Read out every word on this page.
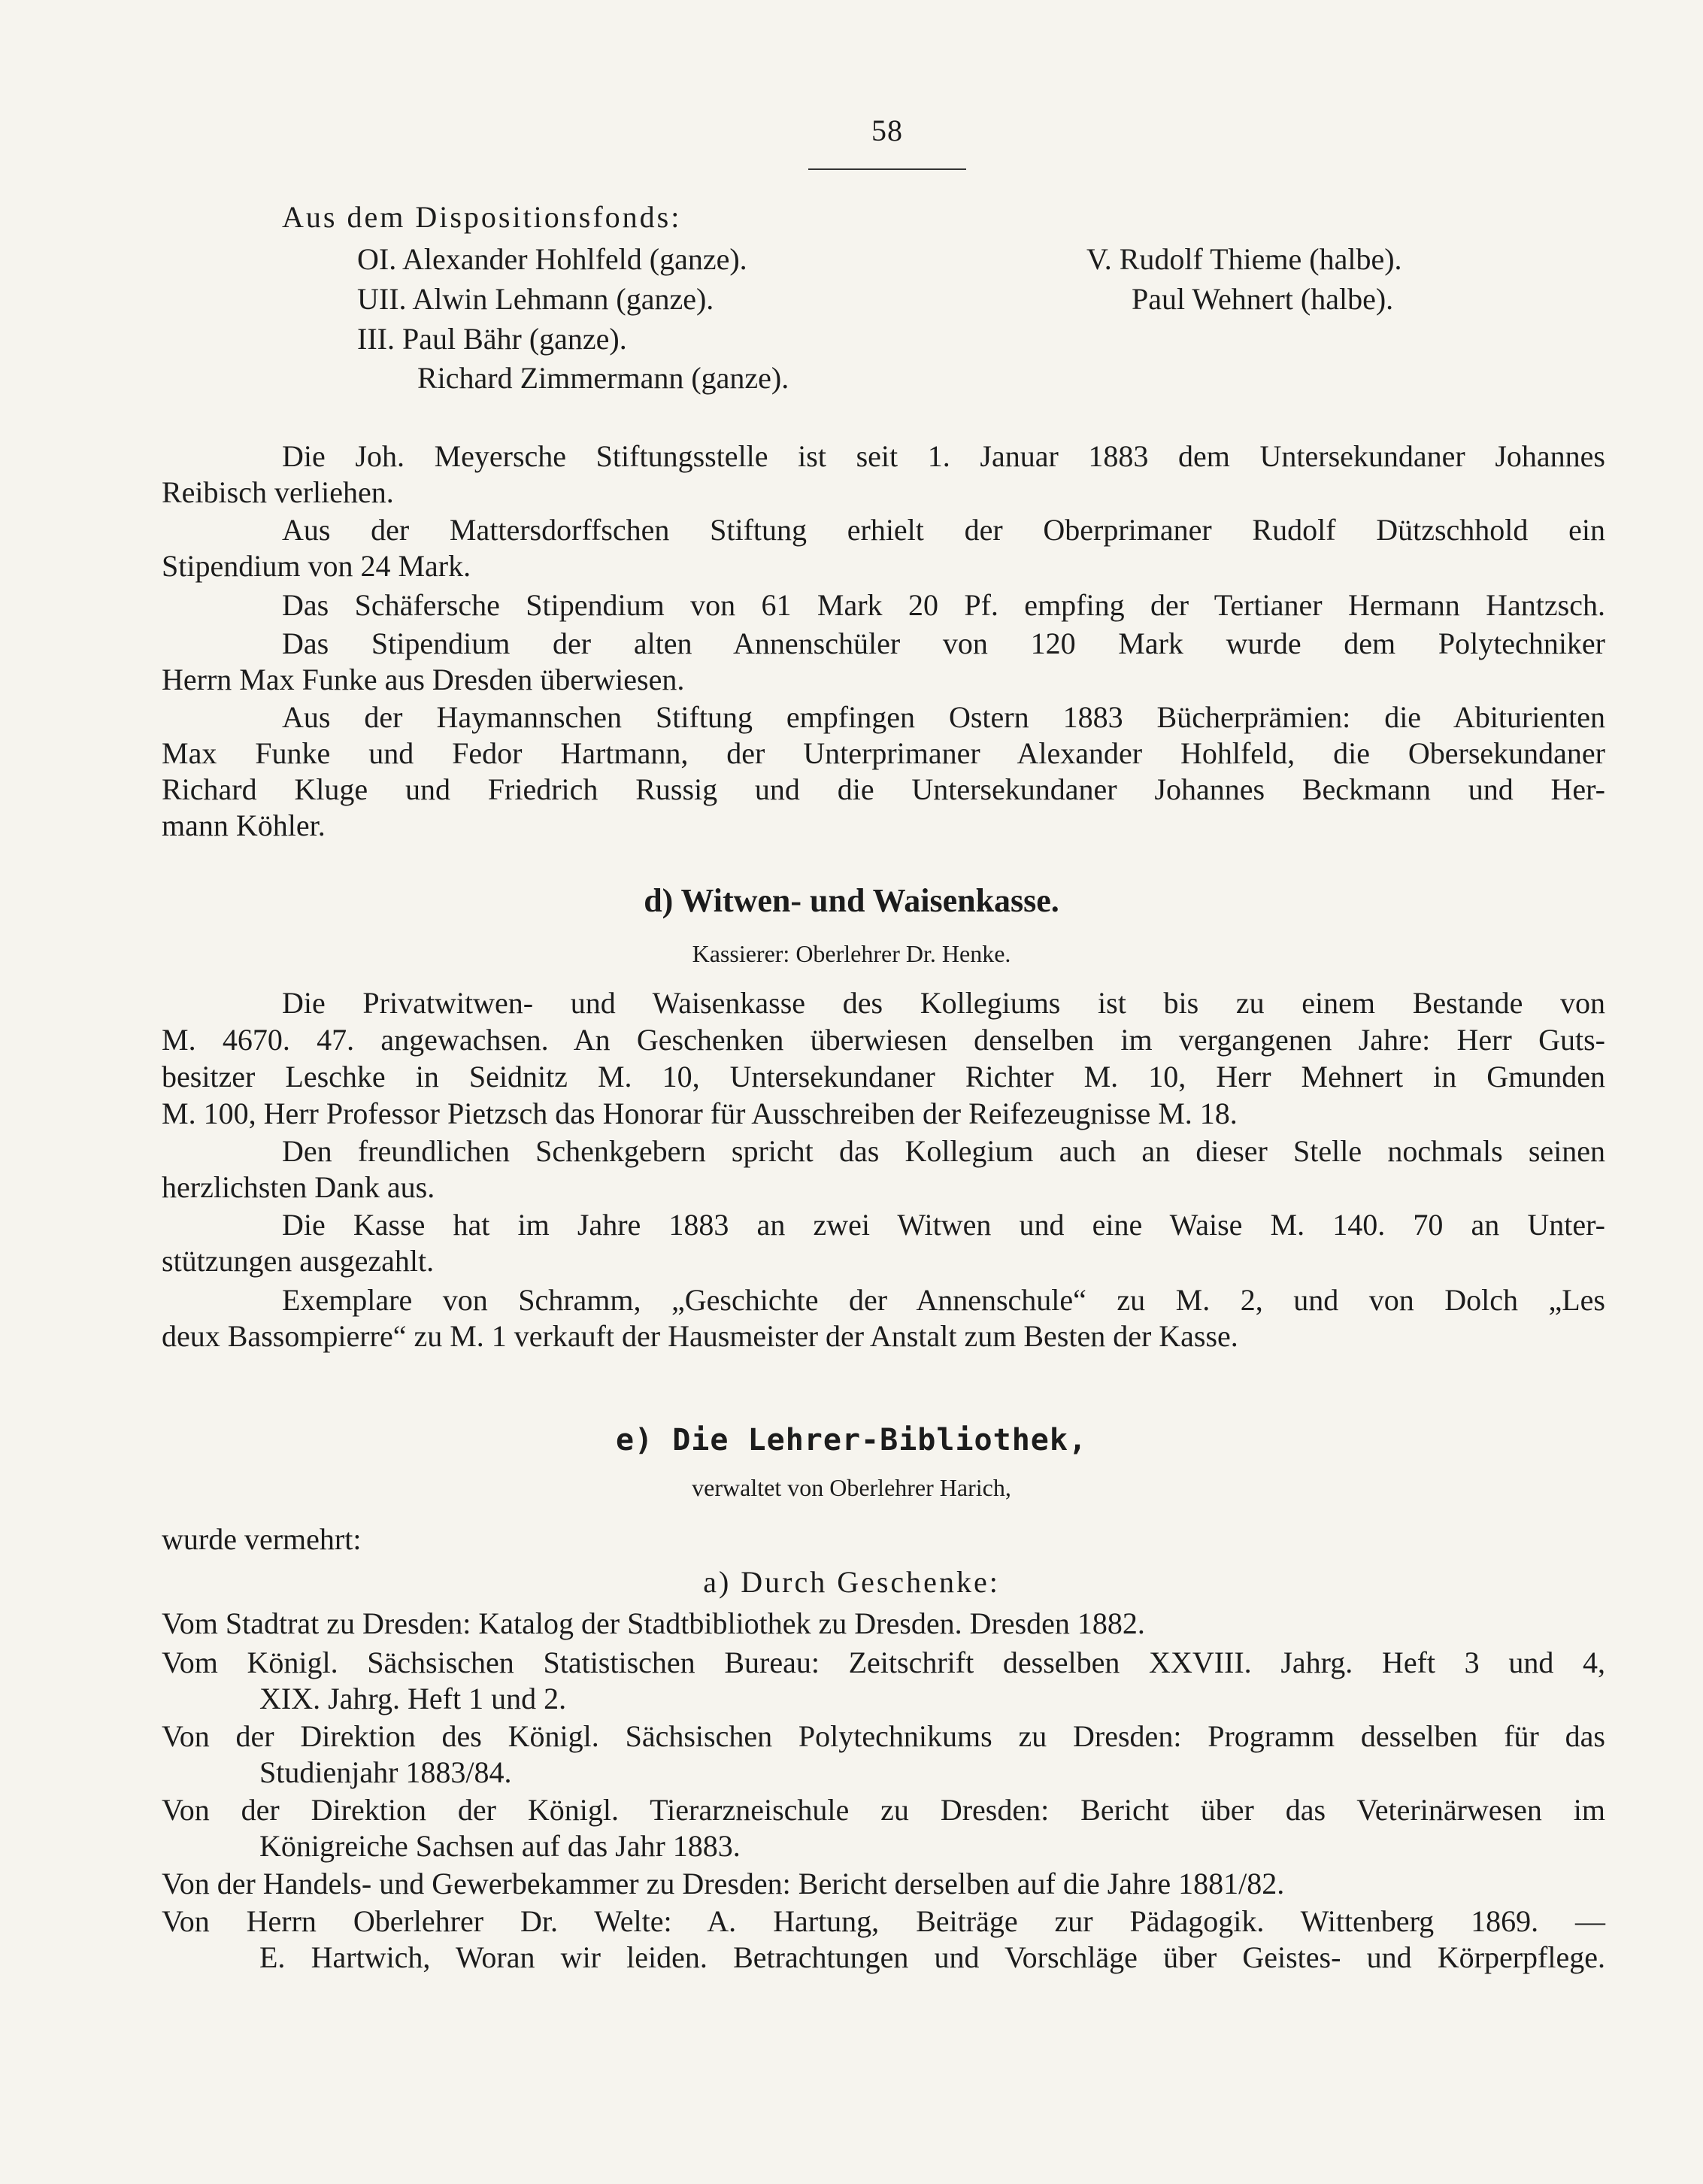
58
Aus dem Dispositionsfonds:
OI. Alexander Hohlfeld (ganze).
UII. Alwin Lehmann (ganze).
III. Paul Bähr (ganze).
Richard Zimmermann (ganze).
V. Rudolf Thieme (halbe).
Paul Wehnert (halbe).
Die Joh. Meyersche Stiftungsstelle ist seit 1. Januar 1883 dem Untersekundaner Johannes
Reibisch verliehen.
Aus der Mattersdorffschen Stiftung erhielt der Oberprimaner Rudolf Dützschhold ein
Stipendium von 24 Mark.
Das Schäfersche Stipendium von 61 Mark 20 Pf. empfing der Tertianer Hermann Hantzsch.
Das Stipendium der alten Annenschüler von 120 Mark wurde dem Polytechniker
Herrn Max Funke aus Dresden überwiesen.
Aus der Haymannschen Stiftung empfingen Ostern 1883 Bücherprämien: die Abiturienten
Max Funke und Fedor Hartmann, der Unterprimaner Alexander Hohlfeld, die Obersekundaner
Richard Kluge und Friedrich Russig und die Untersekundaner Johannes Beckmann und Her-
mann Köhler.
d) Witwen- und Waisenkasse.
Kassierer: Oberlehrer Dr. Henke.
Die Privatwitwen- und Waisenkasse des Kollegiums ist bis zu einem Bestande von
M. 4670. 47. angewachsen. An Geschenken überwiesen denselben im vergangenen Jahre: Herr Guts-
besitzer Leschke in Seidnitz M. 10, Untersekundaner Richter M. 10, Herr Mehnert in Gmunden
M. 100, Herr Professor Pietzsch das Honorar für Ausschreiben der Reifezeugnisse M. 18.
Den freundlichen Schenkgebern spricht das Kollegium auch an dieser Stelle nochmals seinen
herzlichsten Dank aus.
Die Kasse hat im Jahre 1883 an zwei Witwen und eine Waise M. 140. 70 an Unter-
stützungen ausgezahlt.
Exemplare von Schramm, „Geschichte der Annenschule“ zu M. 2, und von Dolch „Les
deux Bassompierre“ zu M. 1 verkauft der Hausmeister der Anstalt zum Besten der Kasse.
e) Die Lehrer-Bibliothek,
verwaltet von Oberlehrer Harich,
wurde vermehrt:
a) Durch Geschenke:
Vom Stadtrat zu Dresden: Katalog der Stadtbibliothek zu Dresden. Dresden 1882.
Vom Königl. Sächsischen Statistischen Bureau: Zeitschrift desselben XXVIII. Jahrg. Heft 3 und 4,
XIX. Jahrg. Heft 1 und 2.
Von der Direktion des Königl. Sächsischen Polytechnikums zu Dresden: Programm desselben für das
Studienjahr 1883/84.
Von der Direktion der Königl. Tierarzneischule zu Dresden: Bericht über das Veterinärwesen im
Königreiche Sachsen auf das Jahr 1883.
Von der Handels- und Gewerbekammer zu Dresden: Bericht derselben auf die Jahre 1881/82.
Von Herrn Oberlehrer Dr. Welte: A. Hartung, Beiträge zur Pädagogik. Wittenberg 1869. —
E. Hartwich, Woran wir leiden. Betrachtungen und Vorschläge über Geistes- und Körperpflege.
